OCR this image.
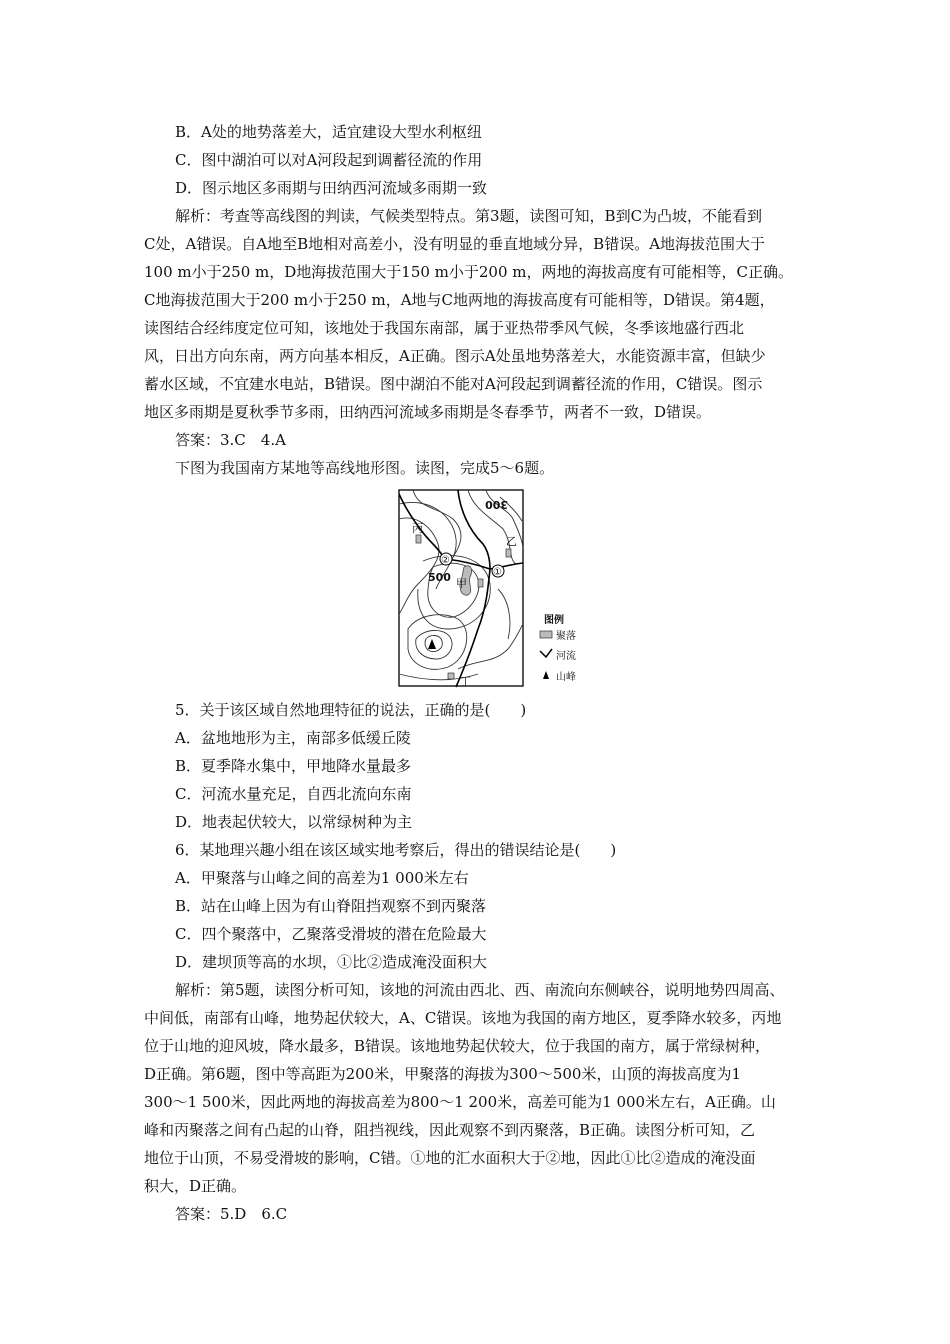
B．A处的地势落差大，适宜建设大型水利枢纽
C．图中湖泊可以对A河段起到调蓄径流的作用
D．图示地区多雨期与田纳西河流域多雨期一致
解析：考查等高线图的判读，气候类型特点。第3题，读图可知，B到C为凸坡，不能看到
C处，A错误。自A地至B地相对高差小，没有明显的垂直地域分异，B错误。A地海拔范围大于
100 m小于250 m，D地海拔范围大于150 m小于200 m，两地的海拔高度有可能相等，C正确。
C地海拔范围大于200 m小于250 m，A地与C地两地的海拔高度有可能相等，D错误。第4题，
读图结合经纬度定位可知，该地处于我国东南部，属于亚热带季风气候，冬季该地盛行西北
风，日出方向东南，两方向基本相反，A正确。图示A处虽地势落差大，水能资源丰富，但缺少
蓄水区域，不宜建水电站，B错误。图中湖泊不能对A河段起到调蓄径流的作用，C错误。图示
地区多雨期是夏秋季节多雨，田纳西河流域多雨期是冬春季节，两者不一致，D错误。
答案：3.C　4.A
下图为我国南方某地等高线地形图。读图，完成5～6题。
丙
乙
甲
丁
500
300
②
①
图例
聚落
河流
山峰
5．关于该区域自然地理特征的说法，正确的是(　　)
A．盆地地形为主，南部多低缓丘陵
B．夏季降水集中，甲地降水量最多
C．河流水量充足，自西北流向东南
D．地表起伏较大，以常绿树种为主
6．某地理兴趣小组在该区域实地考察后，得出的错误结论是(　　)
A．甲聚落与山峰之间的高差为1 000米左右
B．站在山峰上因为有山脊阻挡观察不到丙聚落
C．四个聚落中，乙聚落受滑坡的潜在危险最大
D．建坝顶等高的水坝，①比②造成淹没面积大
解析：第5题，读图分析可知，该地的河流由西北、西、南流向东侧峡谷，说明地势四周高、
中间低，南部有山峰，地势起伏较大，A、C错误。该地为我国的南方地区，夏季降水较多，丙地
位于山地的迎风坡，降水最多，B错误。该地地势起伏较大，位于我国的南方，属于常绿树种，
D正确。第6题，图中等高距为200米，甲聚落的海拔为300～500米，山顶的海拔高度为1
300～1 500米，因此两地的海拔高差为800～1 200米，高差可能为1 000米左右，A正确。山
峰和丙聚落之间有凸起的山脊，阻挡视线，因此观察不到丙聚落，B正确。读图分析可知，乙
地位于山顶，不易受滑坡的影响，C错。①地的汇水面积大于②地，因此①比②造成的淹没面
积大，D正确。
答案：5.D　6.C
